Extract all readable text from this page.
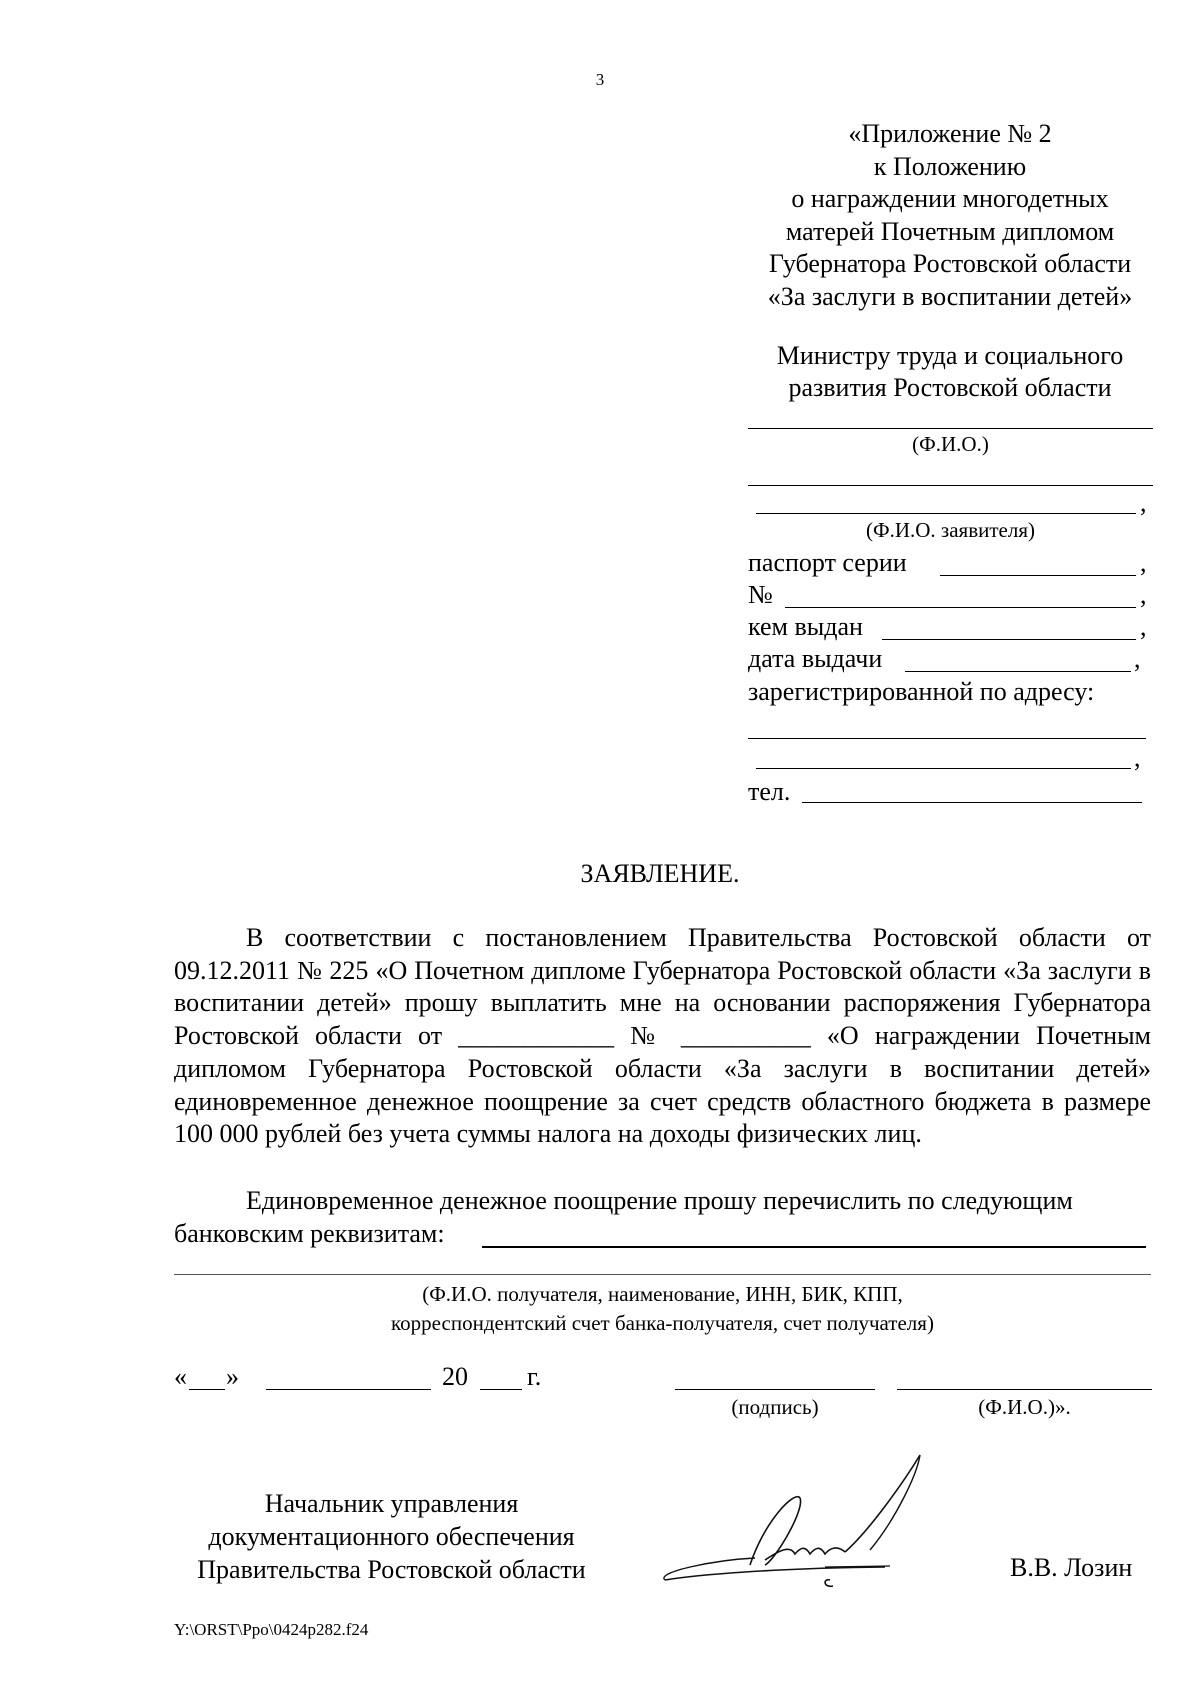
3
«Приложение № 2
к Положению
о награждении многодетных
матерей Почетным дипломом
Губернатора Ростовской области
«За заслуги в воспитании детей»
Министру труда и социального
развития Ростовской области
(Ф.И.О.)
,
(Ф.И.О. заявителя)
паспорт серии	,
№	,
кем выдан	,
дата выдачи	,
зарегистрированной по адресу:
,
тел.
ЗАЯВЛЕНИЕ.
В соответствии с постановлением Правительства Ростовской области от 09.12.2011 № 225 «О Почетном дипломе Губернатора Ростовской области «За заслуги в воспитании детей» прошу выплатить мне на основании распоряжения Губернатора Ростовской области от ____________ № __________ «О награждении Почетным дипломом Губернатора Ростовской области «За заслуги в воспитании детей» единовременное денежное поощрение за счет средств областного бюджета в размере 100 000 рублей без учета суммы налога на доходы физических лиц.
Единовременное денежное поощрение прошу перечислить по следующим
банковским реквизитам:
(Ф.И.О. получателя, наименование, ИНН, БИК, КПП,
корреспондентский счет банка-получателя, счет получателя)
« »	20 г.
(подпись)	(Ф.И.О.)».
Начальник управления
документационного обеспечения
Правительства Ростовской области	В.В. Лозин
Y:\ORST\Ppo\0424p282.f24
